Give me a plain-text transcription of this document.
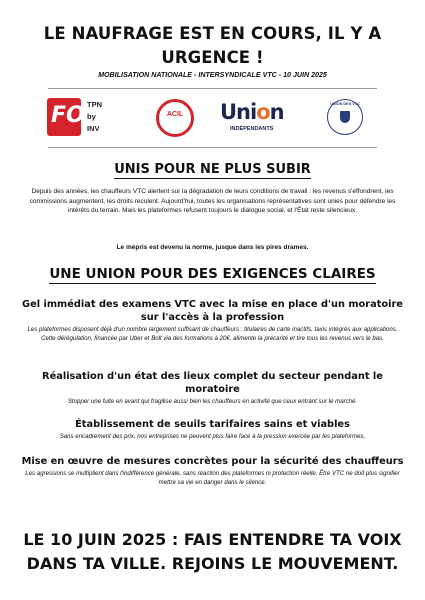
LE NAUFRAGE EST EN COURS, IL Y A URGENCE !
MOBILISATION NATIONALE - INTERSYNDICALE VTC - 10 JUIN 2025
FO TPN
by
INV
ACIL	Union
INDÉPENDANTS
UNION DES VTC
UNIS POUR NE PLUS SUBIR

Depuis des années, les chauffeurs VTC alertent sur la dégradation de leurs conditions de travail : les revenus s'effondrent, les commissions augmentent, les droits reculent. Aujourd'hui, toutes les organisations représentatives sont unies pour défendre les intérêts du terrain. Mais les plateformes refusent toujours le dialogue social, et l'État reste silencieux.

Le mépris est devenu la norme, jusque dans les pires drames.

UNE UNION POUR DES EXIGENCES CLAIRES
Gel immédiat des examens VTC avec la mise en place d'un moratoire sur l'accès à la profession
Les plateformes disposent déjà d'un nombre largement suffisant de chauffeurs : titulaires de carte inactifs, taxis intégrés aux applications. Cette dérégulation, financée par Uber et Bolt via des formations à 20€, alimente la précarité et tire tous les revenus vers le bas.
Réalisation d'un état des lieux complet du secteur pendant le moratoire
Stopper une fuite en avant qui fragilise aussi bien les chauffeurs en activité que ceux entrant sur le marché.
Établissement de seuils tarifaires sains et viables
Sans encadrement des prix, nos entreprises ne peuvent plus faire face à la pression exercée par les plateformes.
Mise en œuvre de mesures concrètes pour la sécurité des chauffeurs
Les agressions se multiplient dans l'indifférence générale, sans réaction des plateformes ni protection réelle. Être VTC ne doit plus signifier mettre sa vie en danger dans le silence.
LE 10 JUIN 2025 : FAIS ENTENDRE TA VOIX DANS TA VILLE. REJOINS LE MOUVEMENT.
